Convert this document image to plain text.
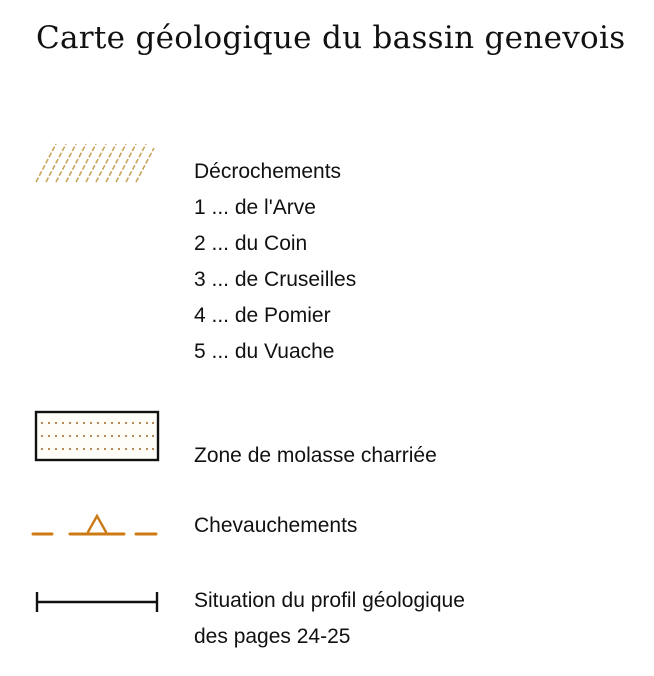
Carte géologique du bassin genevois
Décrochements
1 ... de l'Arve
2 ... du Coin
3 ... de Cruseilles
4 ... de Pomier
5 ... du Vuache
Zone de molasse charriée
Chevauchements
Situation du profil géologique
des pages 24-25
